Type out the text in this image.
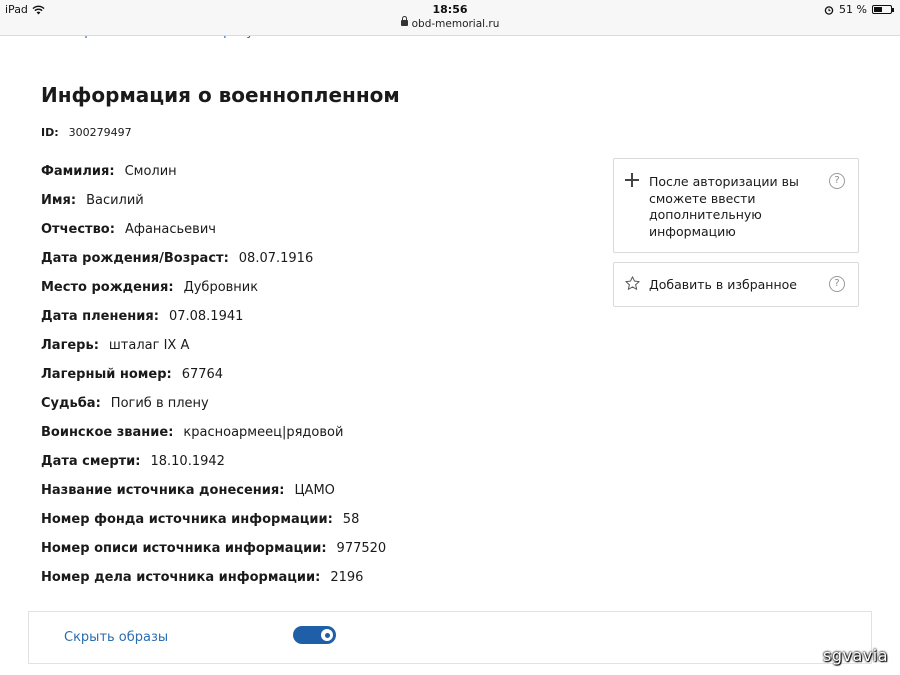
iPad	18:56
obd-memorial.ru
51 %
Информация о военнопленном
ID: 300279497
Фамилия: Смолин
Имя: Василий
Отчество: Афанасьевич
Дата рождения/Возраст: 08.07.1916
Место рождения: Дубровник
Дата пленения: 07.08.1941
Лагерь: шталаг IX A
Лагерный номер: 67764
Судьба: Погиб в плену
Воинское звание: красноармеец|рядовой
Дата смерти: 18.10.1942
Название источника донесения: ЦАМО
Номер фонда источника информации: 58
Номер описи источника информации: 977520
Номер дела источника информации: 2196
После авторизации вы сможете ввести дополнительную информацию
?
Добавить в избранное	?
Скрыть образы
sgvavia
